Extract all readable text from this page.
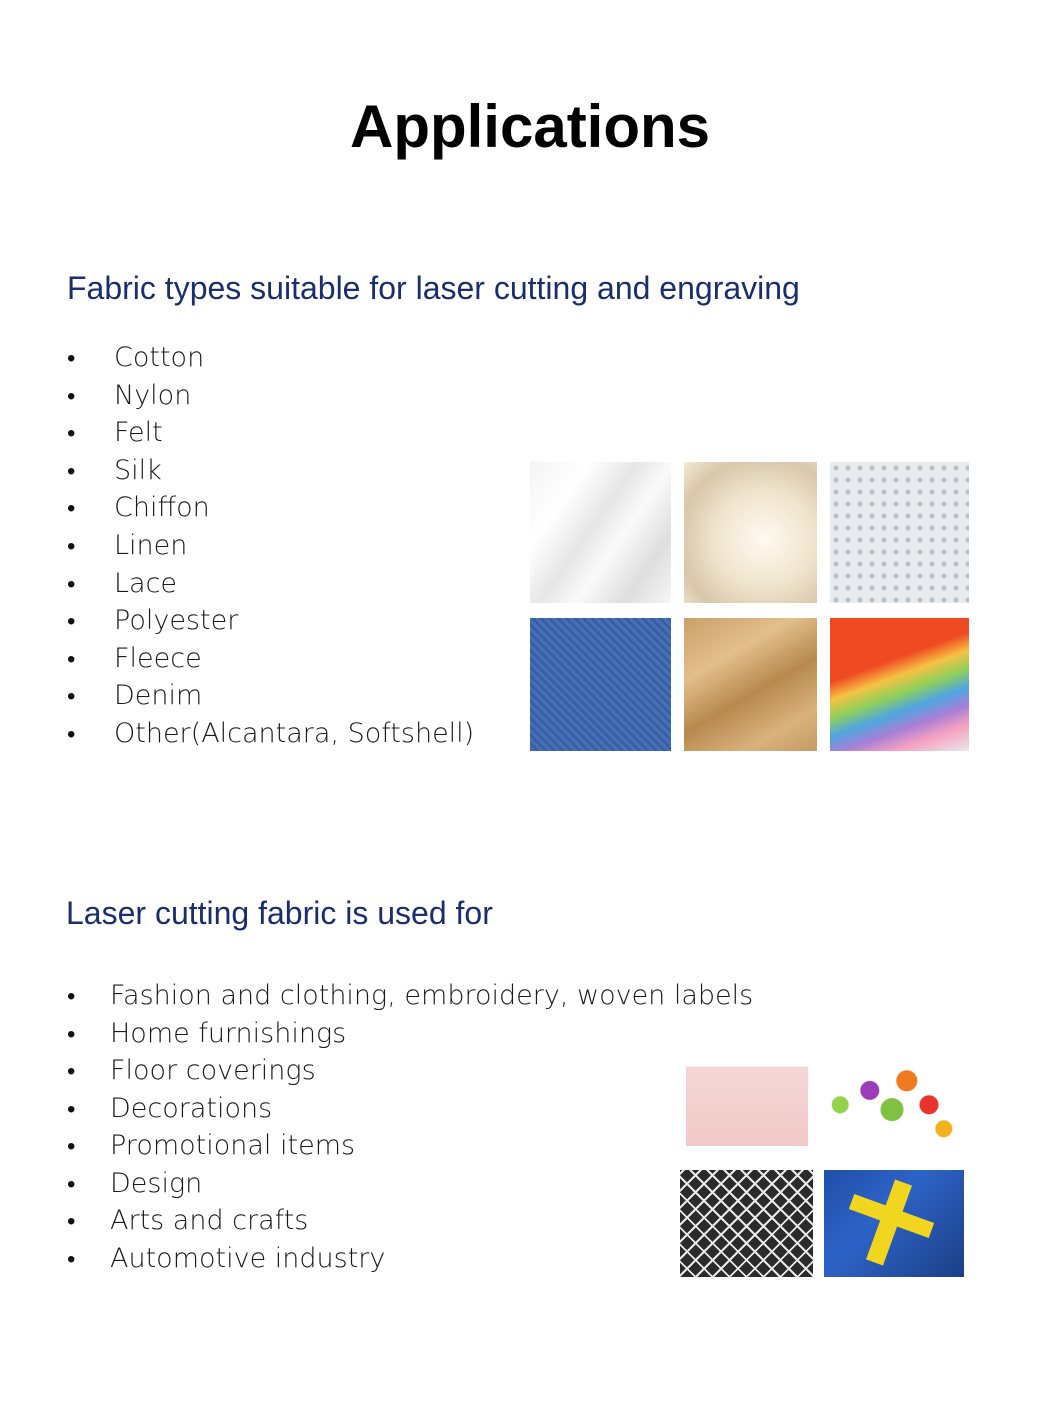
Applications
Fabric types suitable for laser cutting and engraving
• Cotton
• Nylon
• Felt
• Silk
• Chiffon
• Linen
• Lace
• Polyester
• Fleece
• Denim
• Other(Alcantara, Softshell)
Laser cutting fabric is used for
• Fashion and clothing, embroidery, woven labels
• Home furnishings
• Floor coverings
• Decorations
• Promotional items
• Design
• Arts and crafts
• Automotive industry
